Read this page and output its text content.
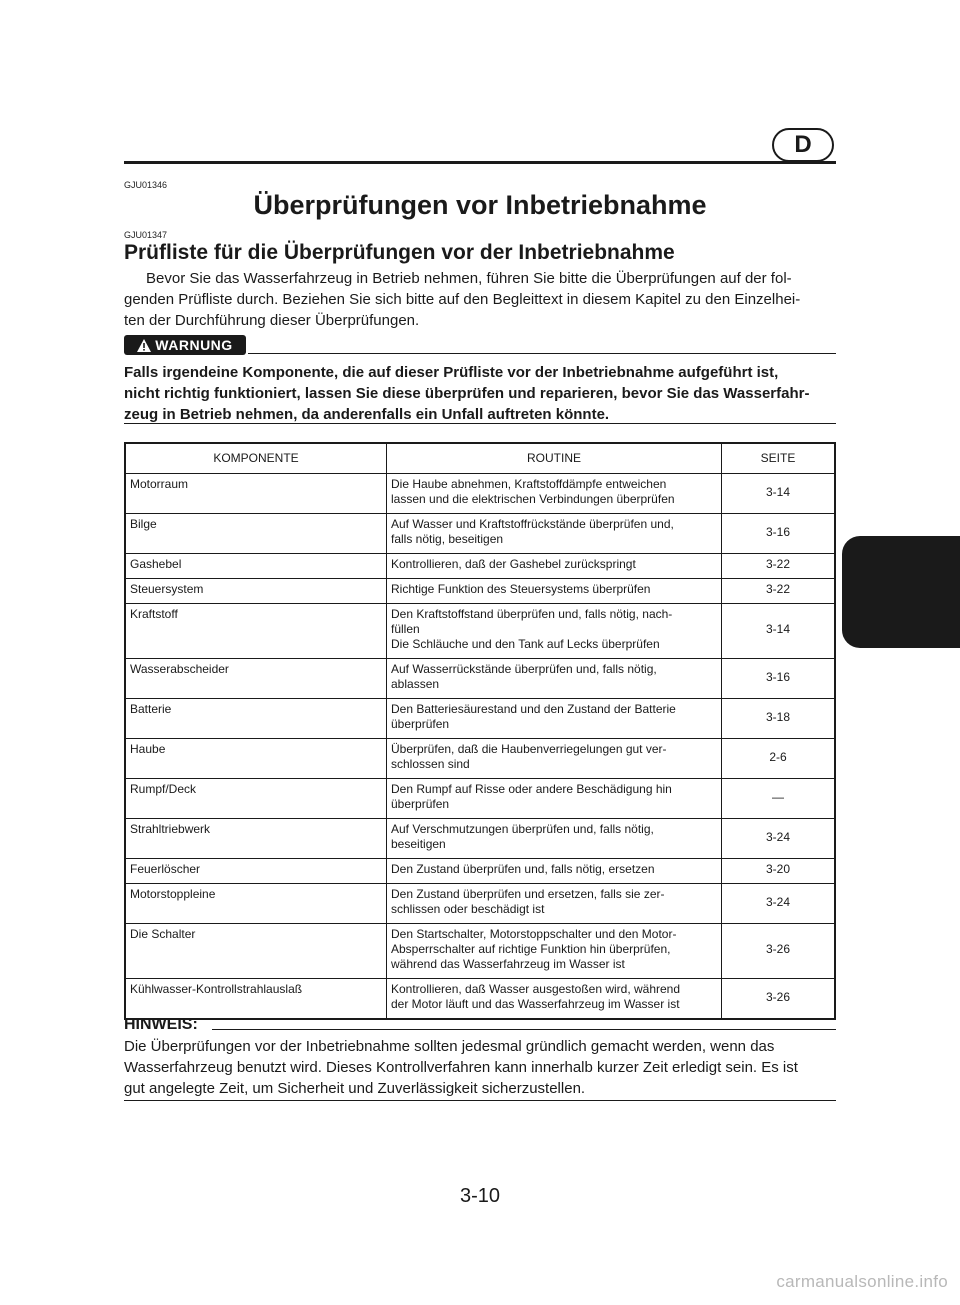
D
GJU01346
Überprüfungen vor Inbetriebnahme
GJU01347
Prüfliste für die Überprüfungen vor der Inbetriebnahme
Bevor Sie das Wasserfahrzeug in Betrieb nehmen, führen Sie bitte die Überprüfungen auf der fol-
genden Prüfliste durch. Beziehen Sie sich bitte auf den Begleittext in diesem Kapitel zu den Einzelhei-
ten der Durchführung dieser Überprüfungen.
WARNUNG
Falls irgendeine Komponente, die auf dieser Prüfliste vor der Inbetriebnahme aufgeführt ist,
nicht richtig funktioniert, lassen Sie diese überprüfen und reparieren, bevor Sie das Wasserfahr-
zeug in Betrieb nehmen, da anderenfalls ein Unfall auftreten könnte.
KOMPONENTE	ROUTINE	SEITE
Motorraum	Die Haube abnehmen, Kraftstoffdämpfe entweichen
lassen und die elektrischen Verbindungen überprüfen	3-14
Bilge	Auf Wasser und Kraftstoffrückstände überprüfen und,
falls nötig, beseitigen	3-16
Gashebel	Kontrollieren, daß der Gashebel zurückspringt	3-22
Steuersystem	Richtige Funktion des Steuersystems überprüfen	3-22
Kraftstoff	Den Kraftstoffstand überprüfen und, falls nötig, nach-
füllen
Die Schläuche und den Tank auf Lecks überprüfen	3-14
Wasserabscheider	Auf Wasserrückstände überprüfen und, falls nötig,
ablassen	3-16
Batterie	Den Batteriesäurestand und den Zustand der Batterie
überprüfen	3-18
Haube	Überprüfen, daß die Haubenverriegelungen gut ver-
schlossen sind	2-6
Rumpf/Deck	Den Rumpf auf Risse oder andere Beschädigung hin
überprüfen	—
Strahltriebwerk	Auf Verschmutzungen überprüfen und, falls nötig,
beseitigen	3-24
Feuerlöscher	Den Zustand überprüfen und, falls nötig, ersetzen	3-20
Motorstoppleine	Den Zustand überprüfen und ersetzen, falls sie zer-
schlissen oder beschädigt ist	3-24
Die Schalter	Den Startschalter, Motorstoppschalter und den Motor-
Absperrschalter auf richtige Funktion hin überprüfen,
während das Wasserfahrzeug im Wasser ist	3-26
Kühlwasser-Kontrollstrahlauslaß	Kontrollieren, daß Wasser ausgestoßen wird, während
der Motor läuft und das Wasserfahrzeug im Wasser ist	3-26
HINWEIS:
Die Überprüfungen vor der Inbetriebnahme sollten jedesmal gründlich gemacht werden, wenn das
Wasserfahrzeug benutzt wird. Dieses Kontrollverfahren kann innerhalb kurzer Zeit erledigt sein. Es ist
gut angelegte Zeit, um Sicherheit und Zuverlässigkeit sicherzustellen.
3-10
carmanualsonline.info
